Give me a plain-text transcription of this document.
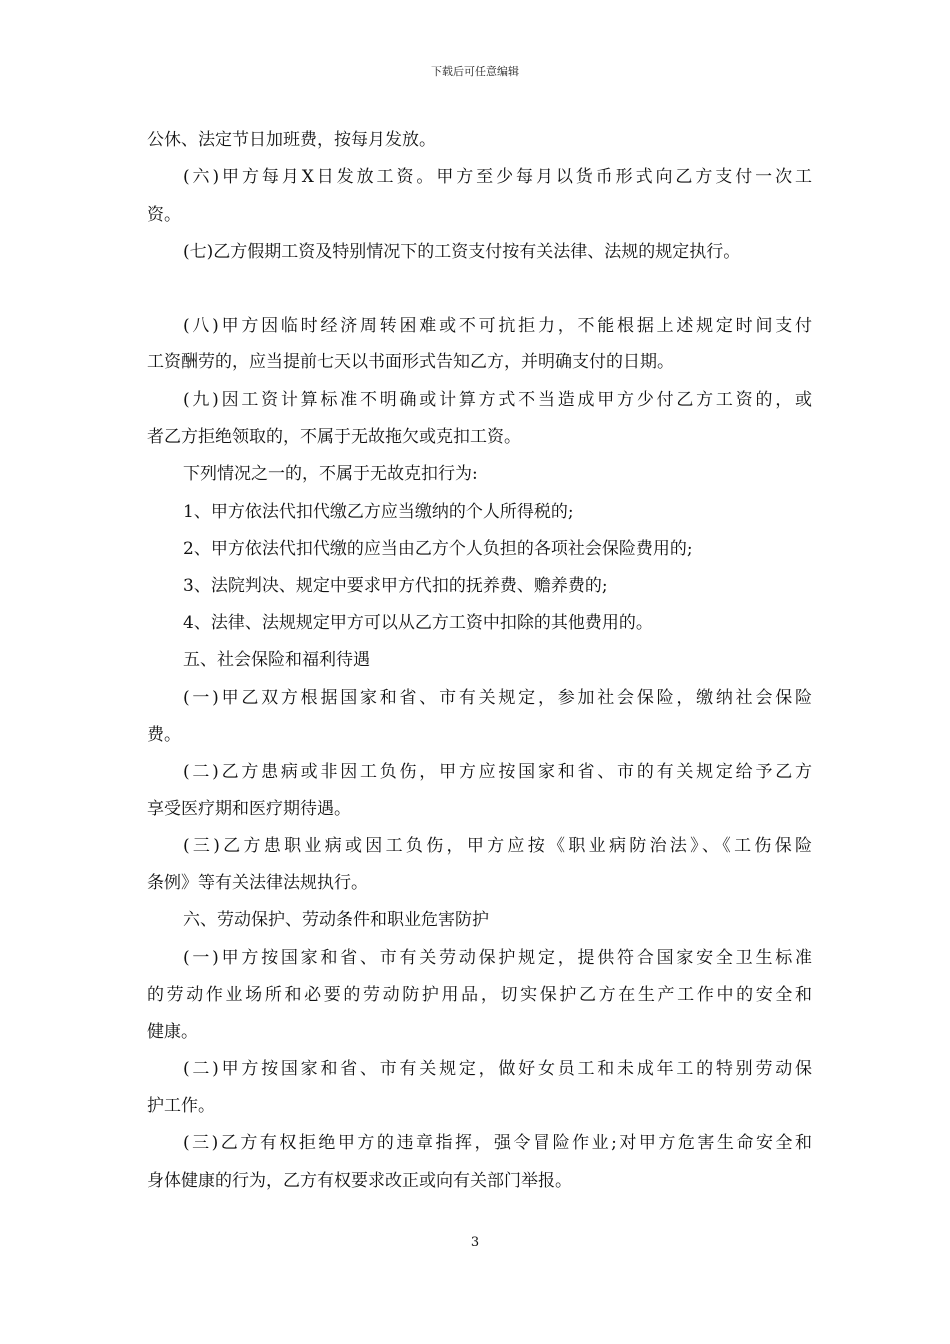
下载后可任意编辑
公休、法定节日加班费，按每月发放。
(六)甲方每月X日发放工资。甲方至少每月以货币形式向乙方支付一次工
资。
(七)乙方假期工资及特别情况下的工资支付按有关法律、法规的规定执行。
(八)甲方因临时经济周转困难或不可抗拒力，不能根据上述规定时间支付
工资酬劳的，应当提前七天以书面形式告知乙方，并明确支付的日期。
(九)因工资计算标准不明确或计算方式不当造成甲方少付乙方工资的，或
者乙方拒绝领取的，不属于无故拖欠或克扣工资。
下列情况之一的，不属于无故克扣行为:
1、甲方依法代扣代缴乙方应当缴纳的个人所得税的;
2、甲方依法代扣代缴的应当由乙方个人负担的各项社会保险费用的;
3、法院判决、规定中要求甲方代扣的抚养费、赡养费的;
4、法律、法规规定甲方可以从乙方工资中扣除的其他费用的。
五、社会保险和福利待遇
(一)甲乙双方根据国家和省、市有关规定，参加社会保险，缴纳社会保险
费。
(二)乙方患病或非因工负伤，甲方应按国家和省、市的有关规定给予乙方
享受医疗期和医疗期待遇。
(三)乙方患职业病或因工负伤，甲方应按《职业病防治法》、《工伤保险
条例》等有关法律法规执行。
六、劳动保护、劳动条件和职业危害防护
(一)甲方按国家和省、市有关劳动保护规定，提供符合国家安全卫生标准
的劳动作业场所和必要的劳动防护用品，切实保护乙方在生产工作中的安全和
健康。
(二)甲方按国家和省、市有关规定，做好女员工和未成年工的特别劳动保
护工作。
(三)乙方有权拒绝甲方的违章指挥，强令冒险作业;对甲方危害生命安全和
身体健康的行为，乙方有权要求改正或向有关部门举报。
3
